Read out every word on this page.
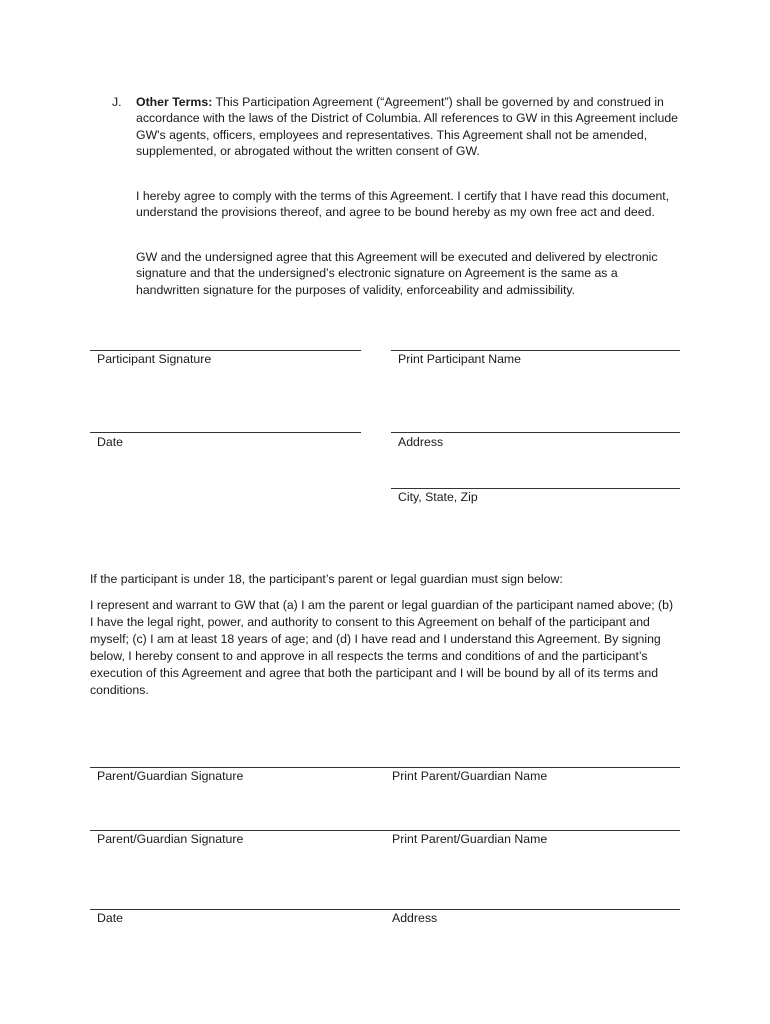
J. Other Terms: This Participation Agreement (“Agreement”) shall be governed by and construed in accordance with the laws of the District of Columbia. All references to GW in this Agreement include GW's agents, officers, employees and representatives. This Agreement shall not be amended, supplemented, or abrogated without the written consent of GW.
I hereby agree to comply with the terms of this Agreement. I certify that I have read this document, understand the provisions thereof, and agree to be bound hereby as my own free act and deed.
GW and the undersigned agree that this Agreement will be executed and delivered by electronic signature and that the undersigned’s electronic signature on Agreement is the same as a handwritten signature for the purposes of validity, enforceability and admissibility.
Participant Signature	Print Participant Name
Date	Address
City, State, Zip
If the participant is under 18, the participant’s parent or legal guardian must sign below:
I represent and warrant to GW that (a) I am the parent or legal guardian of the participant named above; (b) I have the legal right, power, and authority to consent to this Agreement on behalf of the participant and myself; (c) I am at least 18 years of age; and (d) I have read and I understand this Agreement. By signing below, I hereby consent to and approve in all respects the terms and conditions of and the participant’s execution of this Agreement and agree that both the participant and I will be bound by all of its terms and conditions.
Parent/Guardian Signature	Print Parent/Guardian Name
Parent/Guardian Signature	Print Parent/Guardian Name
Date	Address
